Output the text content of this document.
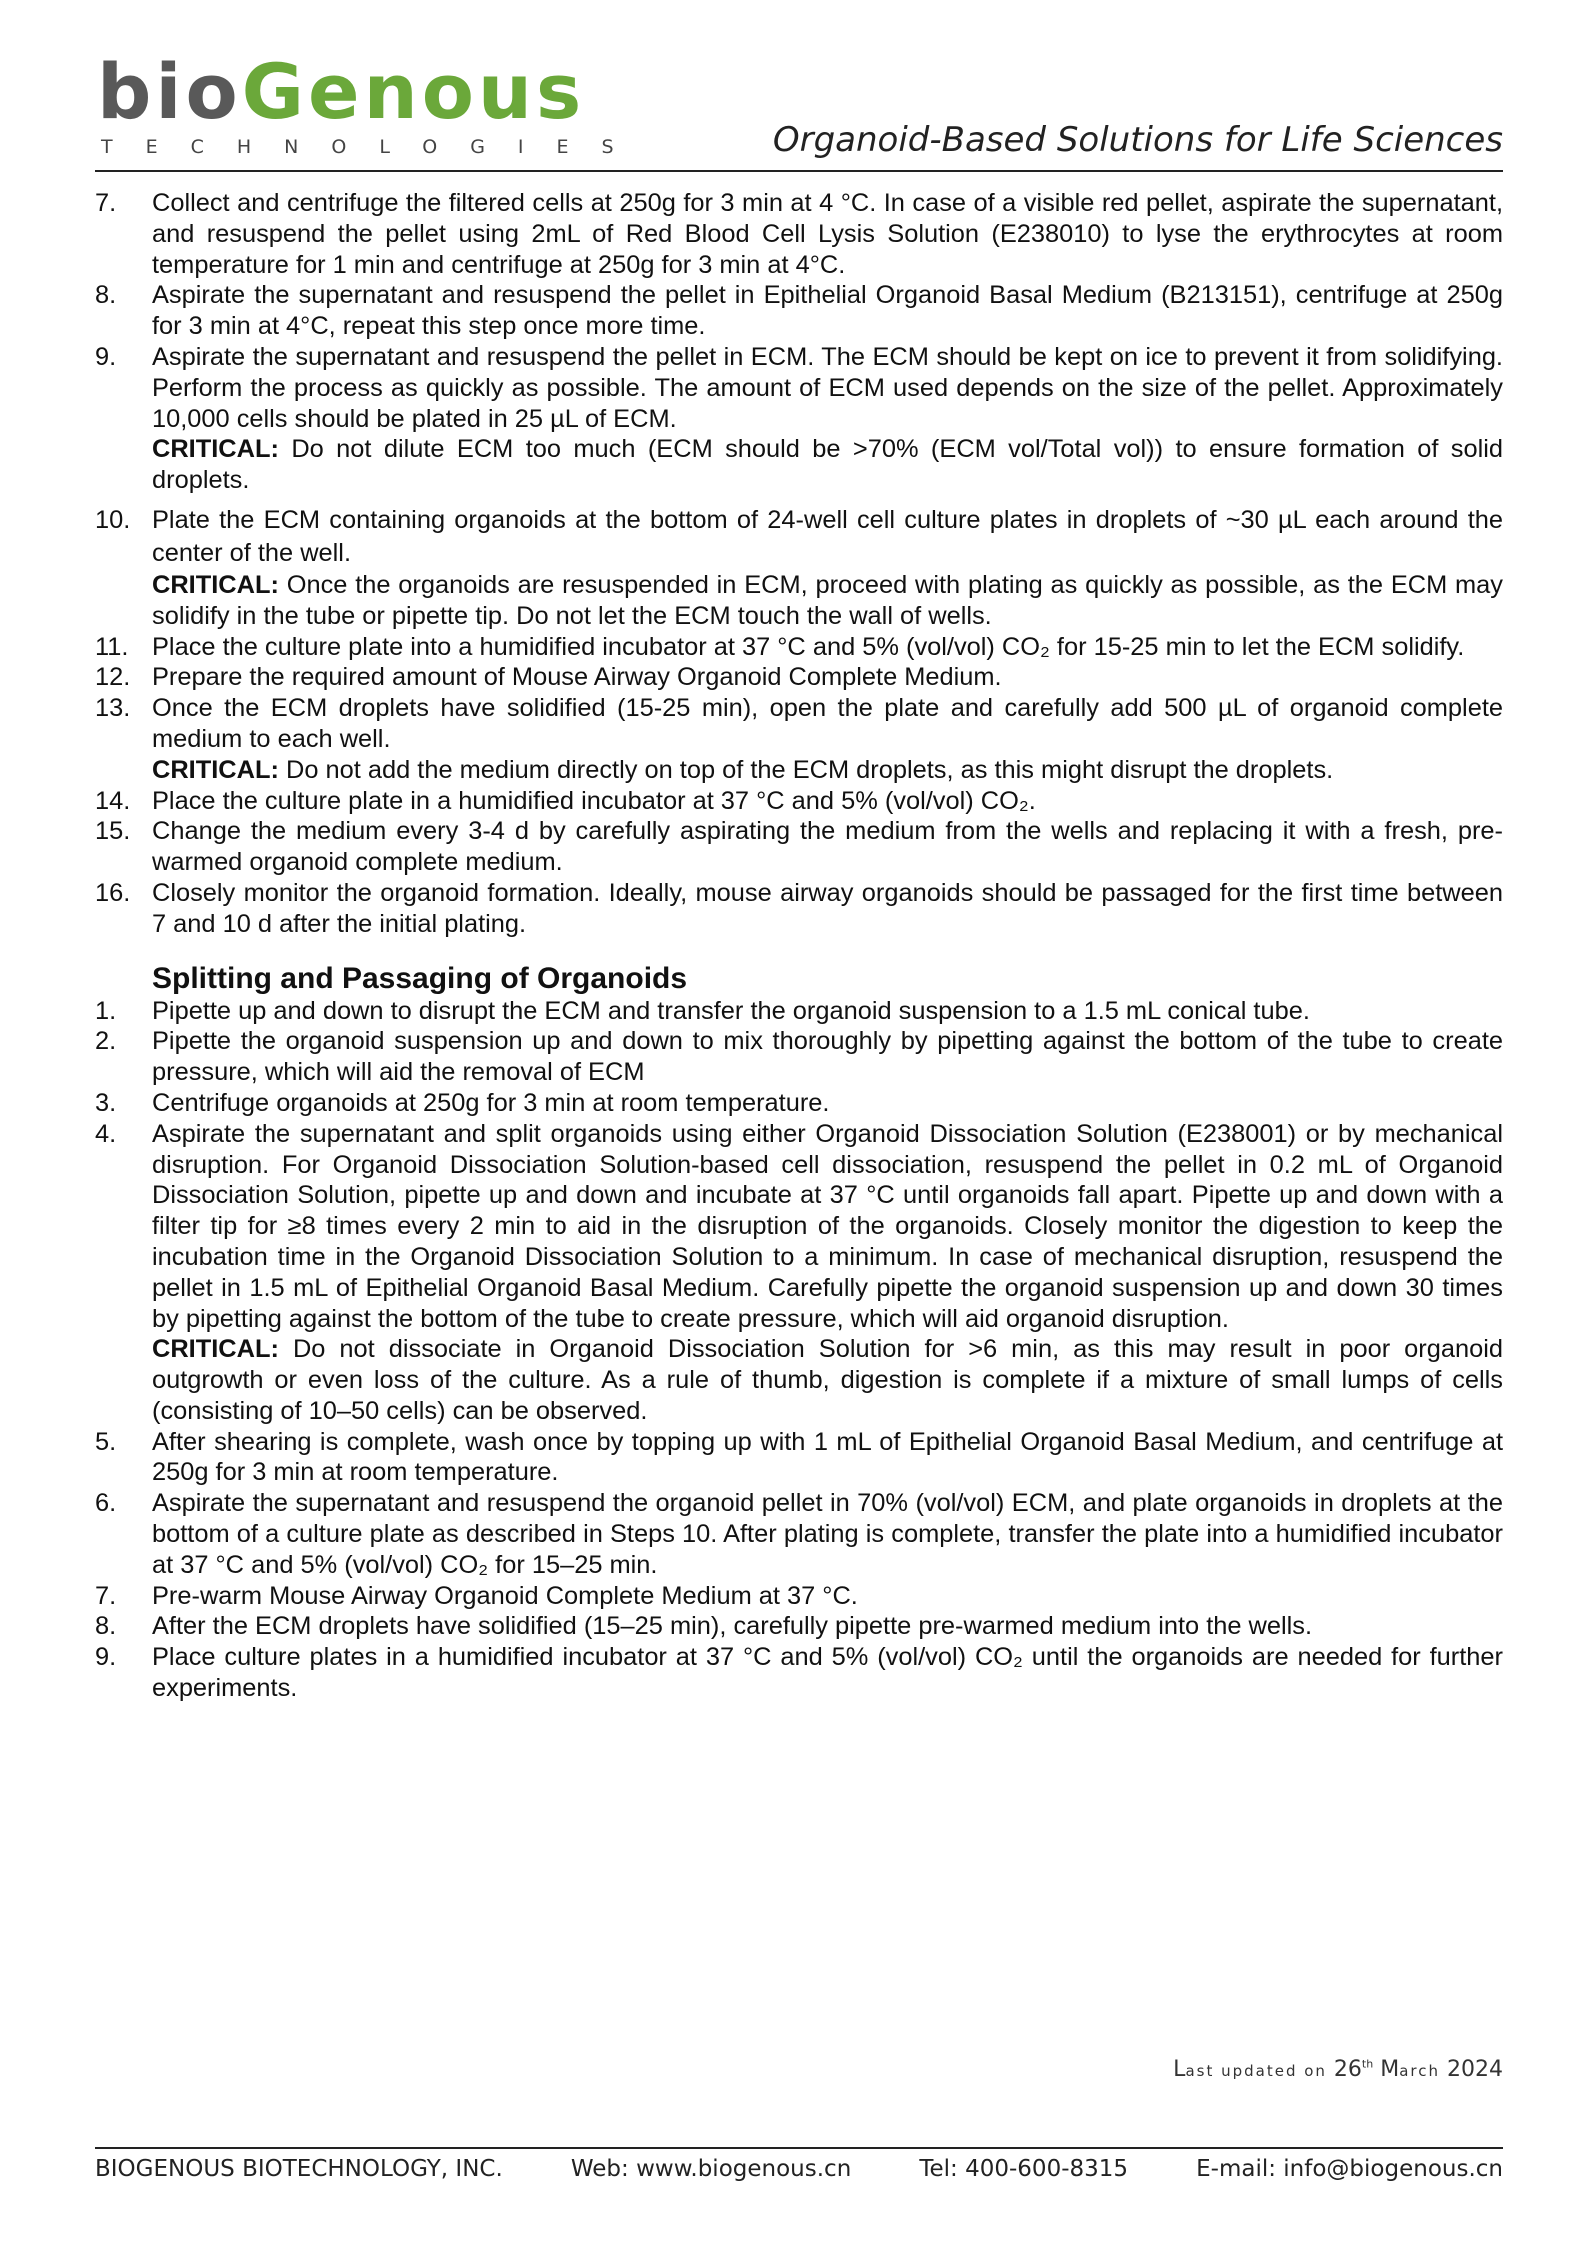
bioGenous
TECHNOLOGIES	Organoid-Based Solutions for Life Sciences
7.	Collect and centrifuge the filtered cells at 250g for 3 min at 4 °C. In case of a visible red pellet, aspirate the supernatant, and resuspend the pellet using 2mL of Red Blood Cell Lysis Solution (E238010) to lyse the erythrocytes at room temperature for 1 min and centrifuge at 250g for 3 min at 4°C.
8.	Aspirate the supernatant and resuspend the pellet in Epithelial Organoid Basal Medium (B213151), centrifuge at 250g for 3 min at 4°C, repeat this step once more time.
9.	Aspirate the supernatant and resuspend the pellet in ECM. The ECM should be kept on ice to prevent it from solidifying. Perform the process as quickly as possible. The amount of ECM used depends on the size of the pellet. Approximately 10,000 cells should be plated in 25 µL of ECM.
CRITICAL: Do not dilute ECM too much (ECM should be >70% (ECM vol/Total vol)) to ensure formation of solid droplets.
10. Plate the ECM containing organoids at the bottom of 24-well cell culture plates in droplets of ~30 µL each around the center of the well.
CRITICAL: Once the organoids are resuspended in ECM, proceed with plating as quickly as possible, as the ECM may solidify in the tube or pipette tip. Do not let the ECM touch the wall of wells.
11. Place the culture plate into a humidified incubator at 37 °C and 5% (vol/vol) CO₂ for 15-25 min to let the ECM solidify.
12. Prepare the required amount of Mouse Airway Organoid Complete Medium.
13. Once the ECM droplets have solidified (15-25 min), open the plate and carefully add 500 µL of organoid complete medium to each well.
CRITICAL: Do not add the medium directly on top of the ECM droplets, as this might disrupt the droplets.
14. Place the culture plate in a humidified incubator at 37 °C and 5% (vol/vol) CO₂.
15. Change the medium every 3-4 d by carefully aspirating the medium from the wells and replacing it with a fresh, pre-warmed organoid complete medium.
16. Closely monitor the organoid formation. Ideally, mouse airway organoids should be passaged for the first time between 7 and 10 d after the initial plating.
Splitting and Passaging of Organoids
1.	Pipette up and down to disrupt the ECM and transfer the organoid suspension to a 1.5 mL conical tube.
2.	Pipette the organoid suspension up and down to mix thoroughly by pipetting against the bottom of the tube to create pressure, which will aid the removal of ECM
3.	Centrifuge organoids at 250g for 3 min at room temperature.
4.	Aspirate the supernatant and split organoids using either Organoid Dissociation Solution (E238001) or by mechanical disruption. For Organoid Dissociation Solution-based cell dissociation, resuspend the pellet in 0.2 mL of Organoid Dissociation Solution, pipette up and down and incubate at 37 °C until organoids fall apart. Pipette up and down with a filter tip for ≥8 times every 2 min to aid in the disruption of the organoids. Closely monitor the digestion to keep the incubation time in the Organoid Dissociation Solution to a minimum. In case of mechanical disruption, resuspend the pellet in 1.5 mL of Epithelial Organoid Basal Medium. Carefully pipette the organoid suspension up and down 30 times by pipetting against the bottom of the tube to create pressure, which will aid organoid disruption.
CRITICAL: Do not dissociate in Organoid Dissociation Solution for >6 min, as this may result in poor organoid outgrowth or even loss of the culture. As a rule of thumb, digestion is complete if a mixture of small lumps of cells (consisting of 10–50 cells) can be observed.
5.	After shearing is complete, wash once by topping up with 1 mL of Epithelial Organoid Basal Medium, and centrifuge at 250g for 3 min at room temperature.
6.	Aspirate the supernatant and resuspend the organoid pellet in 70% (vol/vol) ECM, and plate organoids in droplets at the bottom of a culture plate as described in Steps 10. After plating is complete, transfer the plate into a humidified incubator at 37 °C and 5% (vol/vol) CO₂ for 15–25 min.
7.	Pre-warm Mouse Airway Organoid Complete Medium at 37 °C.
8.	After the ECM droplets have solidified (15–25 min), carefully pipette pre-warmed medium into the wells.
9.	Place culture plates in a humidified incubator at 37 °C and 5% (vol/vol) CO₂ until the organoids are needed for further experiments.
Last updated on 26th March 2024
BIOGENOUS BIOTECHNOLOGY, INC.	Web: www.biogenous.cn	Tel: 400-600-8315	E-mail: info@biogenous.cn
